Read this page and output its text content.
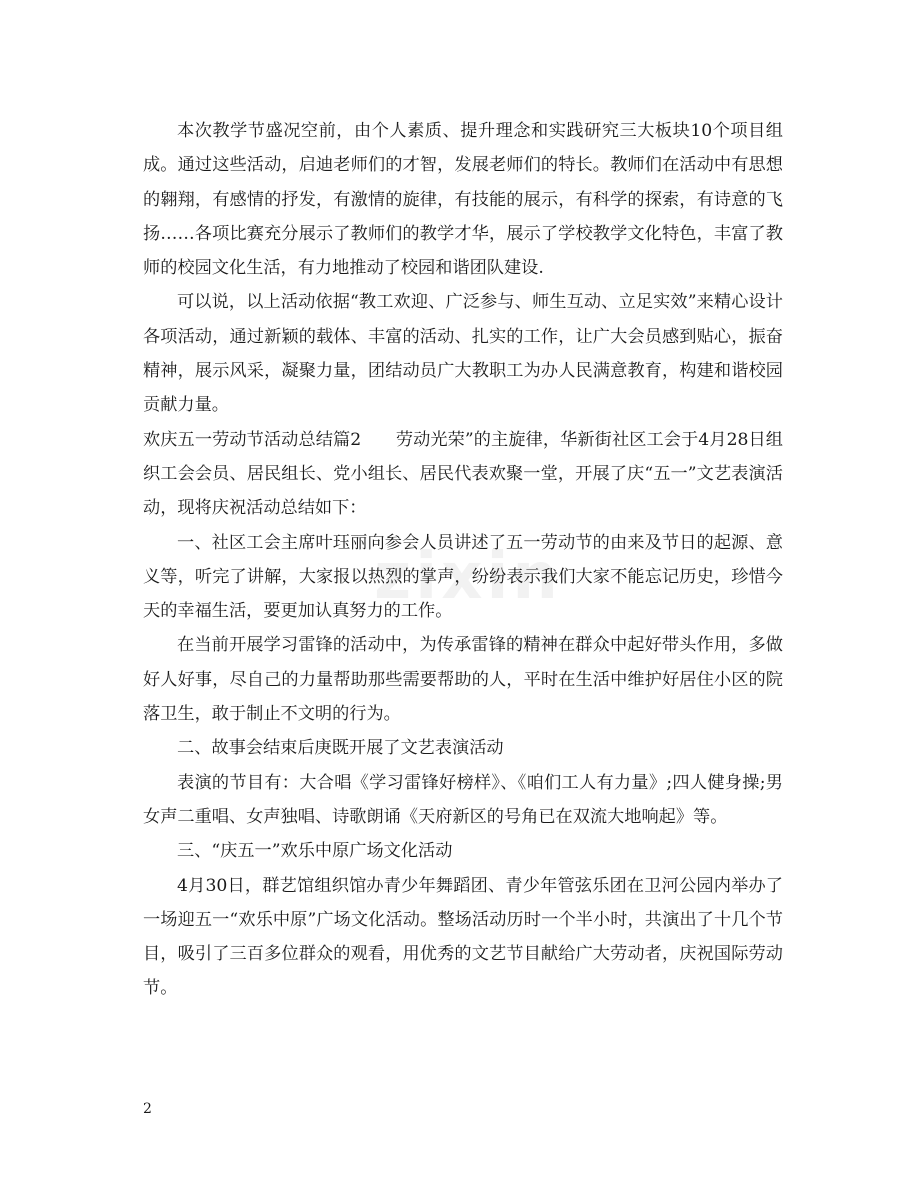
zixin

本次教学节盛况空前，由个人素质、提升理念和实践研究三大板块10个项目组成。通过这些活动，启迪老师们的才智，发展老师们的特长。教师们在活动中有思想的翱翔，有感情的抒发，有激情的旋律，有技能的展示，有科学的探索，有诗意的飞扬……各项比赛充分展示了教师们的教学才华，展示了学校教学文化特色，丰富了教师的校园文化生活，有力地推动了校园和谐团队建设.

可以说，以上活动依据“教工欢迎、广泛参与、师生互动、立足实效”来精心设计各项活动，通过新颖的载体、丰富的活动、扎实的工作，让广大会员感到贴心，振奋精神，展示风采，凝聚力量，团结动员广大教职工为办人民满意教育，构建和谐校园贡献力量。

欢庆五一劳动节活动总结篇2　　劳动光荣”的主旋律，华新街社区工会于4月28日组织工会会员、居民组长、党小组长、居民代表欢聚一堂，开展了庆“五一”文艺表演活动，现将庆祝活动总结如下：

一、社区工会主席叶珏丽向参会人员讲述了五一劳动节的由来及节日的起源、意义等，听完了讲解，大家报以热烈的掌声，纷纷表示我们大家不能忘记历史，珍惜今天的幸福生活，要更加认真努力的工作。

在当前开展学习雷锋的活动中，为传承雷锋的精神在群众中起好带头作用，多做好人好事，尽自己的力量帮助那些需要帮助的人，平时在生活中维护好居住小区的院落卫生，敢于制止不文明的行为。

二、故事会结束后庚既开展了文艺表演活动

表演的节目有：大合唱《学习雷锋好榜样》、《咱们工人有力量》;四人健身操;男女声二重唱、女声独唱、诗歌朗诵《天府新区的号角已在双流大地响起》等。

三、“庆五一”欢乐中原广场文化活动

4月30日，群艺馆组织馆办青少年舞蹈团、青少年管弦乐团在卫河公园内举办了一场迎五一“欢乐中原”广场文化活动。整场活动历时一个半小时，共演出了十几个节目，吸引了三百多位群众的观看，用优秀的文艺节目献给广大劳动者，庆祝国际劳动节。

2
